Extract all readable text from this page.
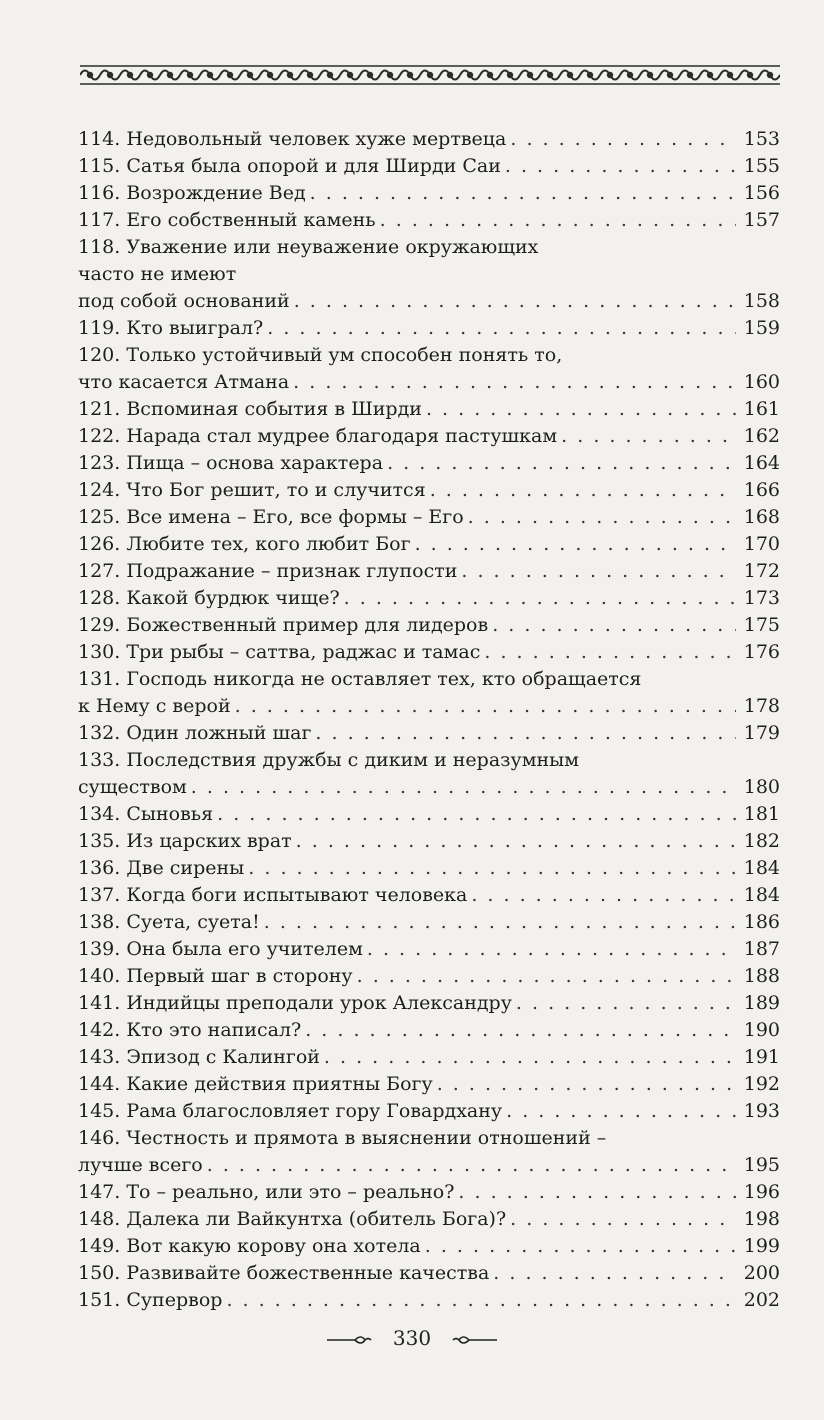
114. Недовольный человек хуже мертвеца . . .	153
115. Сатья была опорой и для Ширди Саи . . .	155
116. Возрождение Вед . . .	156
117. Его собственный камень . . .	157
118. Уважение или неуважение окружающих
часто не имеют
под собой оснований . . .	158
119. Кто выиграл? . . .	159
120. Только устойчивый ум способен понять то,
что касается Атмана . . .	160
121. Вспоминая события в Ширди . . .	161
122. Нарада стал мудрее благодаря пастушкам . . .	162
123. Пища – основа характера . . .	164
124. Что Бог решит, то и случится . . .	166
125. Все имена – Его, все формы – Его . . .	168
126. Любите тех, кого любит Бог . . .	170
127. Подражание – признак глупости . . .	172
128. Какой бурдюк чище? . . .	173
129. Божественный пример для лидеров . . .	175
130. Три рыбы – саттва, раджас и тамас . . .	176
131. Господь никогда не оставляет тех, кто обращается
к Нему с верой . . .	178
132. Один ложный шаг . . .	179
133. Последствия дружбы с диким и неразумным
существом . . .	180
134. Сыновья . . .	181
135. Из царских врат . . .	182
136. Две сирены . . .	184
137. Когда боги испытывают человека . . .	184
138. Суета, суета! . . .	186
139. Она была его учителем . . .	187
140. Первый шаг в сторону . . .	188
141. Индийцы преподали урок Александру . . .	189
142. Кто это написал? . . .	190
143. Эпизод с Калингой . . .	191
144. Какие действия приятны Богу . . .	192
145. Рама благословляет гору Говардхану . . .	193
146. Честность и прямота в выяснении отношений –
лучше всего . . .	195
147. То – реально, или это – реально? . . .	196
148. Далека ли Вайкунтха (обитель Бога)? . . .	198
149. Вот какую корову она хотела . . .	199
150. Развивайте божественные качества . . .	200
151. Супервор . . .	202
330
